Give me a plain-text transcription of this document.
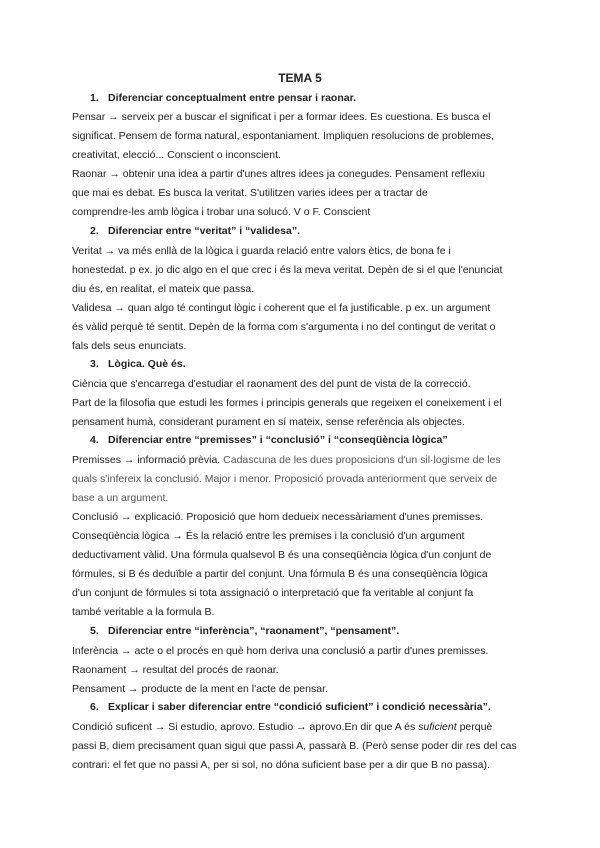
TEMA 5
1. Diferenciar conceptualment entre pensar i raonar.
Pensar → serveix per a buscar el significat i per a formar idees. Es cuestiona. Es busca el
significat. Pensem de forma natural, espontaniament. Impliquen resolucions de problemes,
creativitat, elecció... Conscient o inconscient.
Raonar → obtenir una idea a partir d'unes altres idees ja conegudes. Pensament reflexiu
que mai es debat. Es busca la veritat. S'utilitzen varies idees per a tractar de
comprendre-les amb lògica i trobar una solucó. V o F. Conscient
2. Diferenciar entre “veritat” i “validesa”.
Veritat → va més enllà de la lògica i guarda relació entre valors ètics, de bona fe i
honestedat. p ex. jo dic algo en el que crec i és la meva veritat. Depèn de si el que l'enunciat
diu és, en realitat, el mateix que passa.
Validesa → quan algo té contingut lògic i coherent que el fa justificable. p ex. un argument
és vàlid perquè té sentit. Depèn de la forma com s'argumenta i no del contingut de veritat o
fals dels seus enunciats.
3. Lògica. Què és.
Ciència que s'encarrega d'estudiar el raonament des del punt de vista de la correcció.
Part de la filosofia que estudi les formes i principis generals que regeixen el coneixement i el
pensament humà, considerant purament en sí mateix, sense referència als objectes.
4. Diferenciar entre “premisses” i “conclusió” i “conseqüència lògica”
Premisses → informació prèvia. Cadascuna de les dues proposicions d'un sil·logisme de les
quals s'infereix la conclusió. Major i menor. Proposició provada anteriorment que serveix de
base a un argument.
Conclusió → explicació. Proposició que hom dedueix necessàriament d'unes premisses.
Conseqüència lògica → És la relació entre les premises i la conclusió d'un argument
deductivament vàlid. Una fórmula qualsevol B és una conseqüència lògica d'un conjunt de
fórmules, si B és deduïble a partir del conjunt. Una fórmula B és una conseqüència lògica
d'un conjunt de fórmules si tota assignació o interpretació que fa veritable al conjunt fa
també veritable a la formula B.
5. Diferenciar entre “inferència”, “raonament”, “pensament”.
Inferència → acte o el procés en què hom deriva una conclusió a partir d'unes premisses.
Raonament → resultat del procés de raonar.
Pensament → producte de la ment en l'acte de pensar.
6. Explicar i saber diferenciar entre “condició suficient” i condició necessària”.
Condició suficent → Si estudio, aprovo. Estudio → aprovo.En dir que A és suficient perquè
passi B, diem precisament quan sigui que passi A, passarà B. (Però sense poder dir res del cas
contrari: el fet que no passi A, per si sol, no dóna suficient base per a dir que B no passa).
